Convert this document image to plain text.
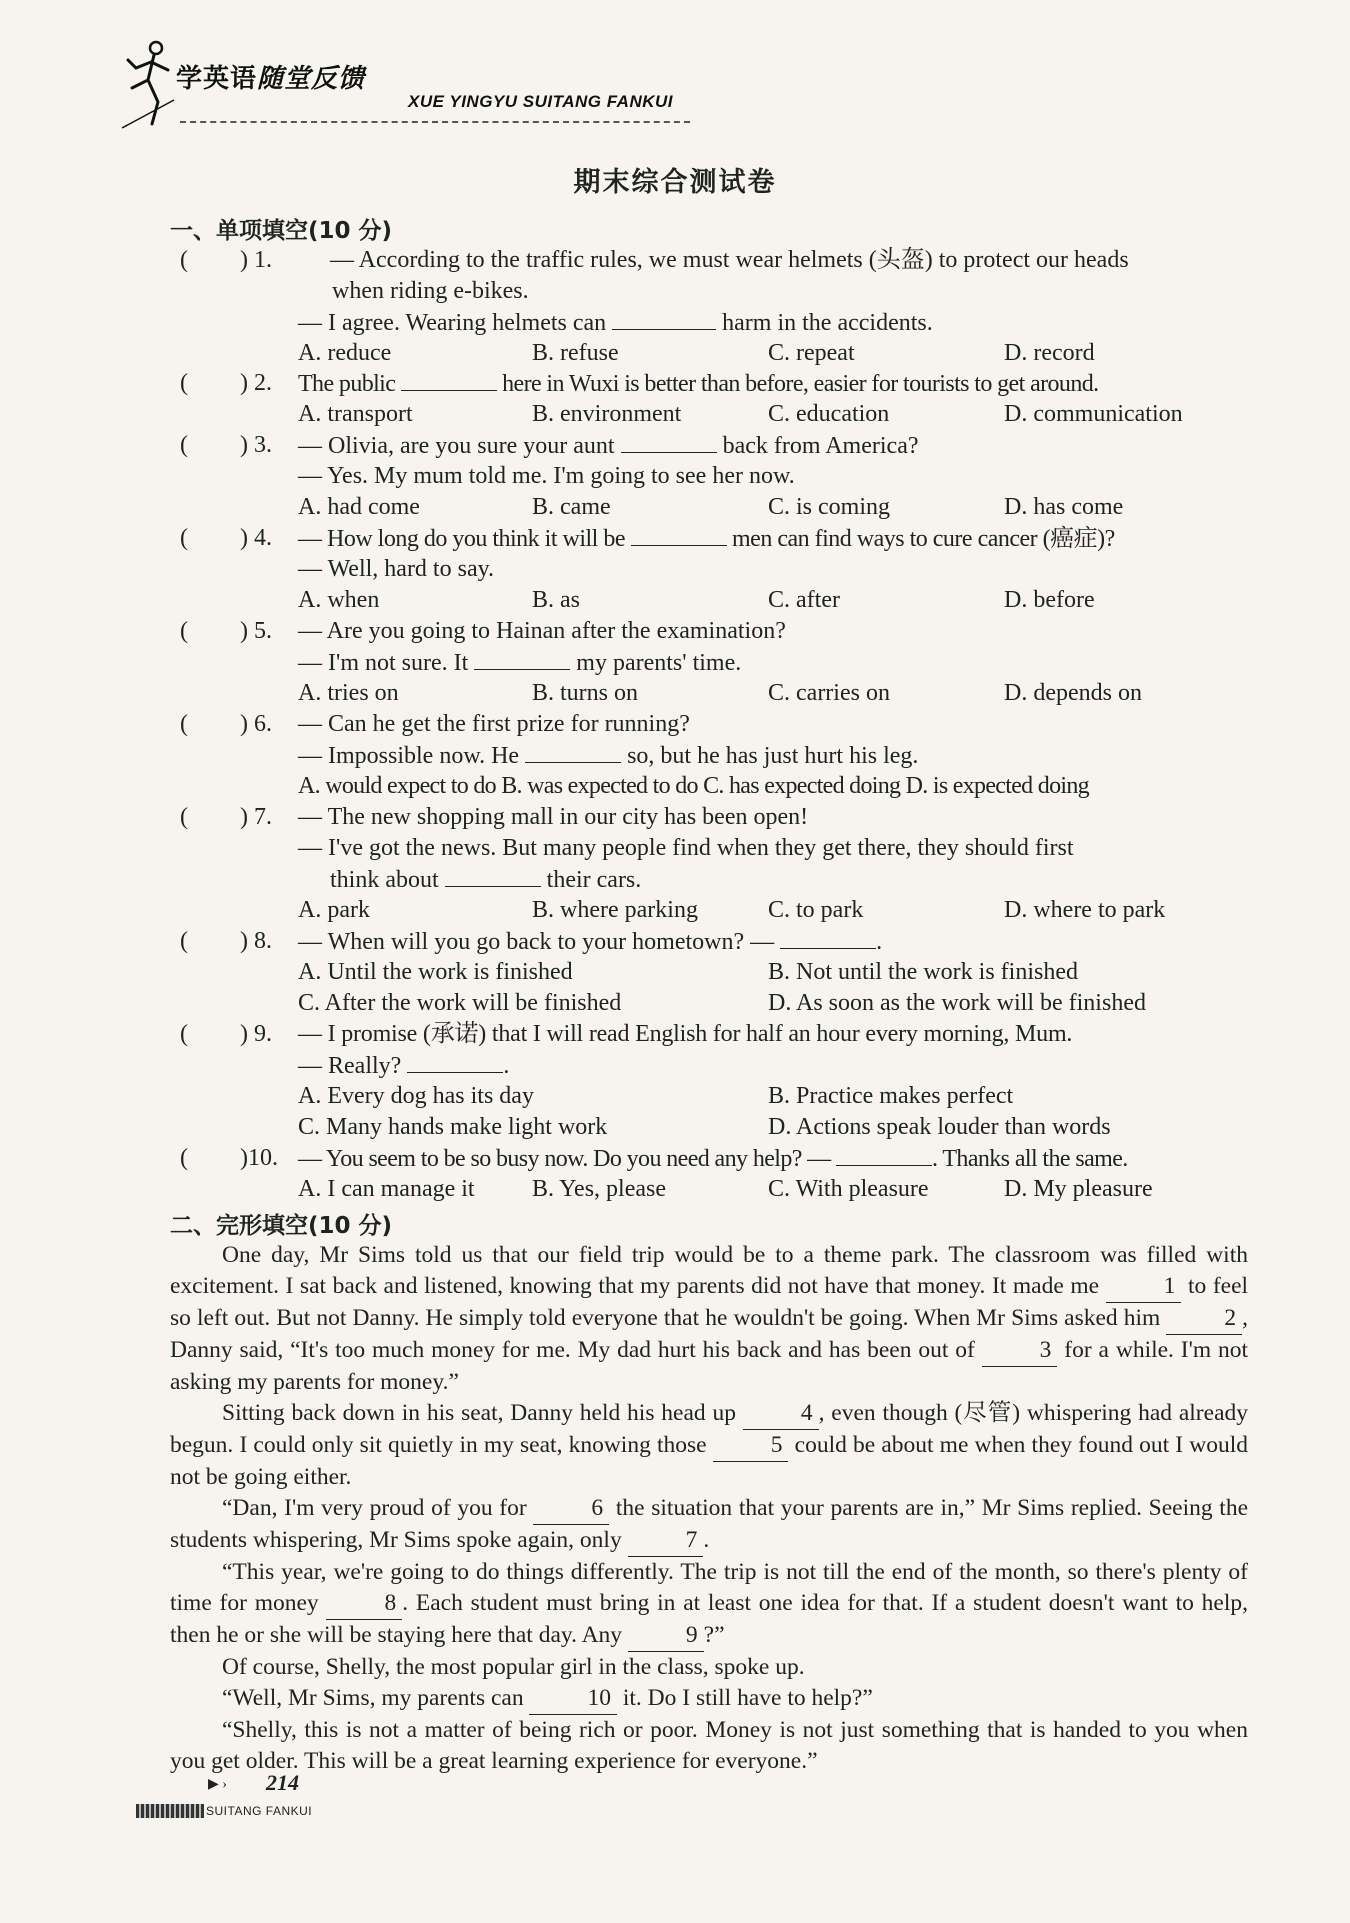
学英语随堂反馈
XUE YINGYU SUITANG FANKUI
期末综合测试卷
一、单项填空(10 分)
( ) 1. — According to the traffic rules, we must wear helmets (头盔) to protect our heads
when riding e-bikes.
— I agree. Wearing helmets can	harm in the accidents.
A. reduce	B. refuse	C. repeat	D. record
( ) 2. The public	here in Wuxi is better than before, easier for tourists to get around.
A. transport	B. environment	C. education	D. communication
( ) 3. — Olivia, are you sure your aunt	back from America?
— Yes. My mum told me. I'm going to see her now.
A. had come	B. came	C. is coming	D. has come
( ) 4. — How long do you think it will be	men can find ways to cure cancer (癌症)?
— Well, hard to say.
A. when	B. as	C. after	D. before
( ) 5. — Are you going to Hainan after the examination?
— I'm not sure. It	my parents' time.
A. tries on	B. turns on	C. carries on	D. depends on
( ) 6. — Can he get the first prize for running?
— Impossible now. He	so, but he has just hurt his leg.
A. would expect to do B. was expected to do C. has expected doing D. is expected doing
( ) 7. — The new shopping mall in our city has been open!
— I've got the news. But many people find when they get there, they should first
think about	their cars.
A. park	B. where parking	C. to park	D. where to park
( ) 8. — When will you go back to your hometown? —	.
A. Until the work is finished	B. Not until the work is finished
C. After the work will be finished	D. As soon as the work will be finished
( ) 9. — I promise (承诺) that I will read English for half an hour every morning, Mum.
— Really?	.
A. Every dog has its day	B. Practice makes perfect
C. Many hands make light work	D. Actions speak louder than words
( )10. — You seem to be so busy now. Do you need any help? —	. Thanks all the same.
A. I can manage it B. Yes, please	C. With pleasure	D. My pleasure
二、完形填空(10 分)

One day, Mr Sims told us that our field trip would be to a theme park. The classroom was filled with excitement. I sat back and listened, knowing that my parents did not have that money. It made me	1 to feel so left out. But not Danny. He simply told everyone that he wouldn't be going. When Mr Sims asked him	2 , Danny said, “It's too much money for me. My dad hurt his back and has been out of	3 for a while. I'm not asking my parents for money.”

Sitting back down in his seat, Danny held his head up	4 , even though (尽管) whispering had already begun. I could only sit quietly in my seat, knowing those	5 could be about me when they found out I would not be going either.

“Dan, I'm very proud of you for	6 the situation that your parents are in,” Mr Sims replied. Seeing the students whispering, Mr Sims spoke again, only	7 .

“This year, we're going to do things differently. The trip is not till the end of the month, so there's plenty of time for money	8 . Each student must bring in at least one idea for that. If a student doesn't want to help, then he or she will be staying here that day. Any	9 ?”

Of course, Shelly, the most popular girl in the class, spoke up.

“Well, Mr Sims, my parents can	10 it. Do I still have to help?”

“Shelly, this is not a matter of being rich or poor. Money is not just something that is handed to you when you get older. This will be a great learning experience for everyone.”

▶ › 214
SUITANG FANKUI
